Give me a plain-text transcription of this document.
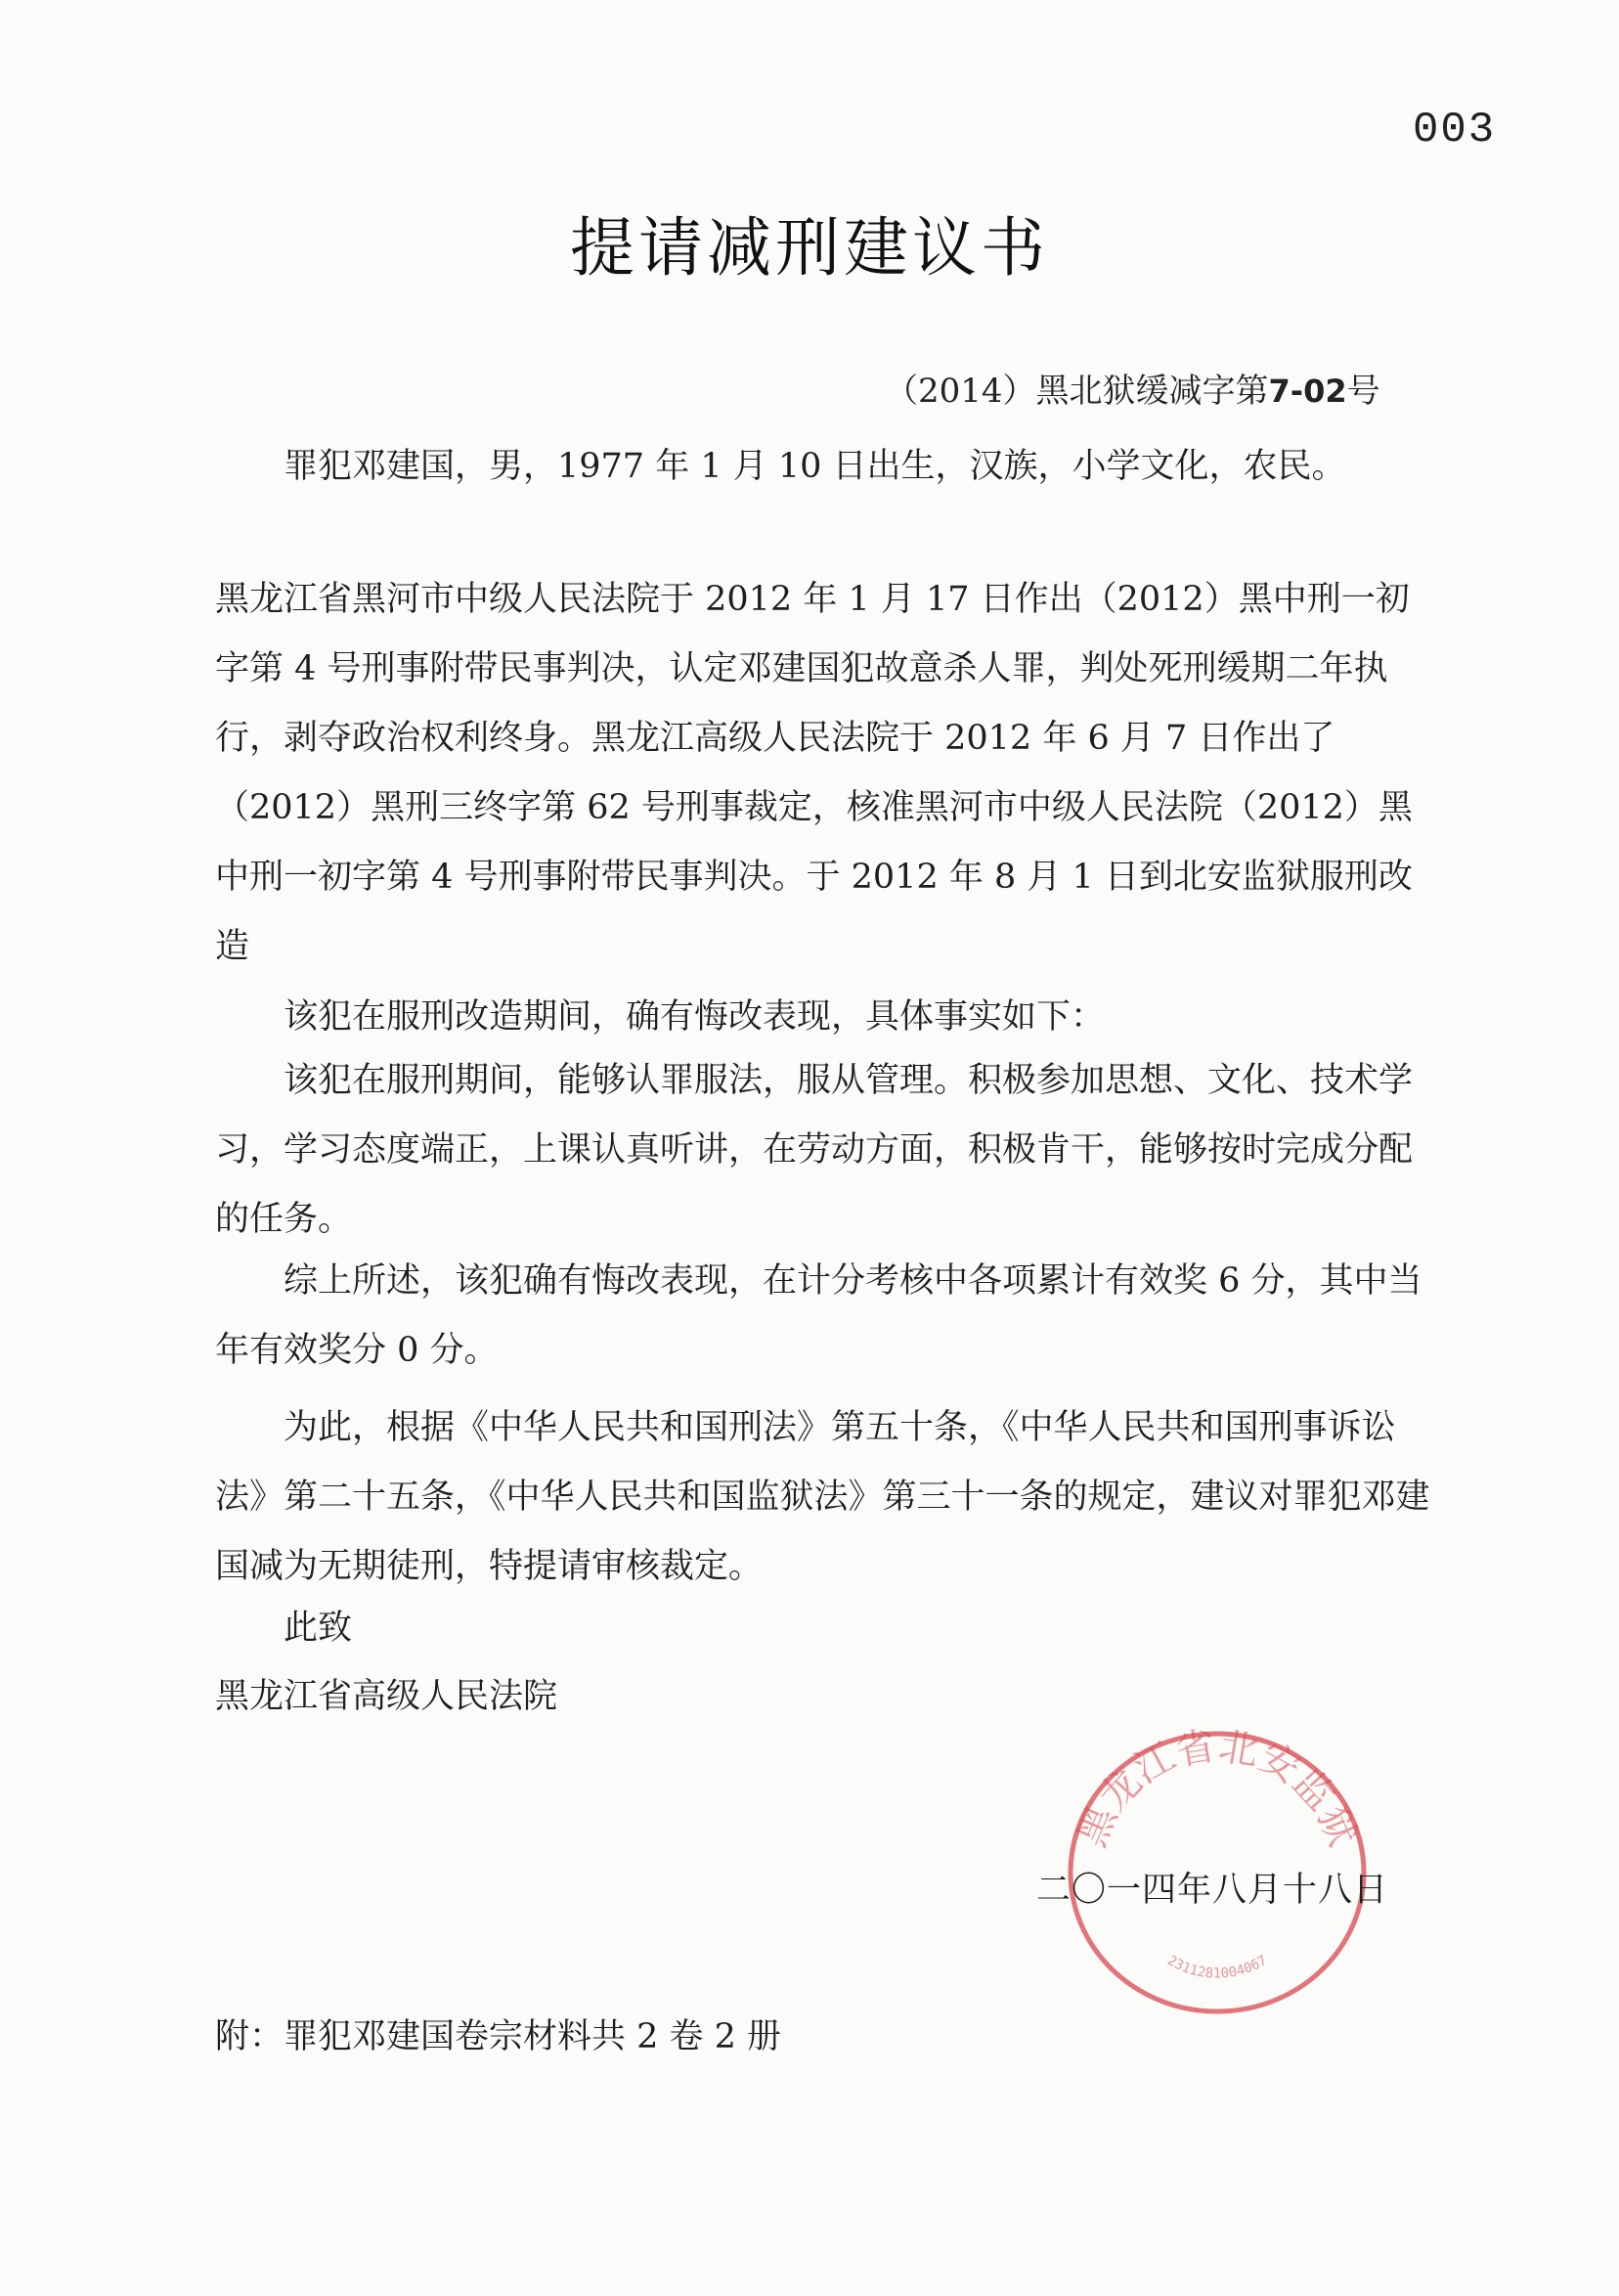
003
提请减刑建议书
（2014）黑北狱缓减字第7-02号

罪犯邓建国，男，1977 年 1 月 10 日出生，汉族，小学文化，农民。

黑龙江省黑河市中级人民法院于 2012 年 1 月 17 日作出（2012）黑中刑一初字第 4 号刑事附带民事判决，认定邓建国犯故意杀人罪，判处死刑缓期二年执行，剥夺政治权利终身。黑龙江高级人民法院于 2012 年 6 月 7 日作出了（2012）黑刑三终字第 62 号刑事裁定，核准黑河市中级人民法院（2012）黑中刑一初字第 4 号刑事附带民事判决。于 2012 年 8 月 1 日到北安监狱服刑改造

该犯在服刑改造期间，确有悔改表现，具体事实如下：

该犯在服刑期间，能够认罪服法，服从管理。积极参加思想、文化、技术学习，学习态度端正，上课认真听讲，在劳动方面，积极肯干，能够按时完成分配的任务。

综上所述，该犯确有悔改表现，在计分考核中各项累计有效奖 6 分，其中当年有效奖分 0 分。

为此，根据《中华人民共和国刑法》第五十条，《中华人民共和国刑事诉讼法》第二十五条，《中华人民共和国监狱法》第三十一条的规定，建议对罪犯邓建国减为无期徒刑，特提请审核裁定。

此致

黑龙江省高级人民法院

黑龙江省北安监狱
2311281004067
二〇一四年八月十八日
附：罪犯邓建国卷宗材料共 2 卷 2 册
